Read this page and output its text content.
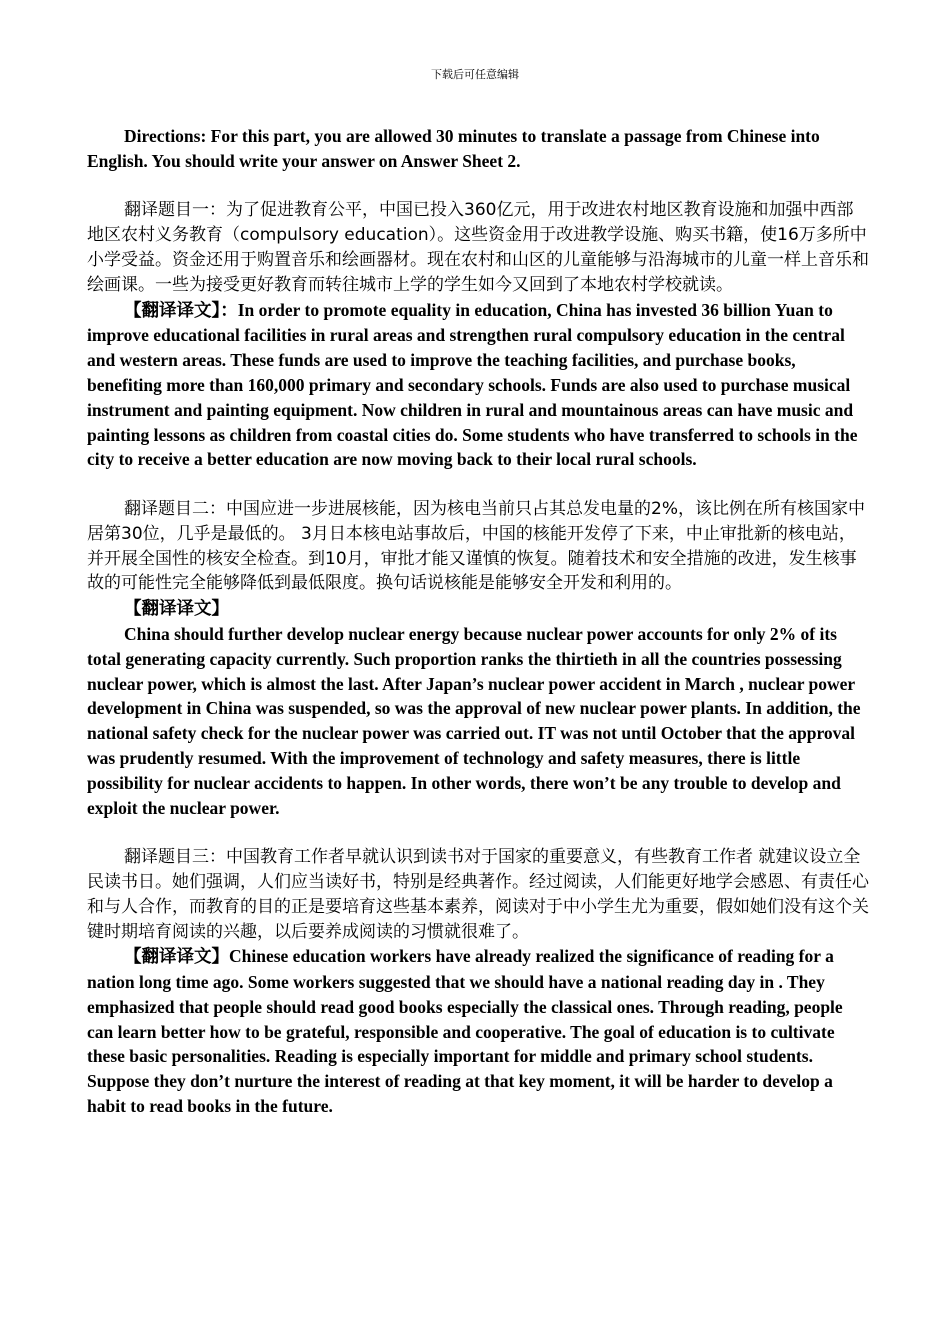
下载后可任意编辑

Directions: For this part, you are allowed 30 minutes to translate a passage from Chinese into English. You should write your answer on Answer Sheet 2.

翻译题目一：为了促进教育公平，中国已投入360亿元，用于改进农村地区教育设施和加强中西部地区农村义务教育（compulsory education）。这些资金用于改进教学设施、购买书籍，使16万多所中小学受益。资金还用于购置音乐和绘画器材。现在农村和山区的儿童能够与沿海城市的儿童一样上音乐和绘画课。一些为接受更好教育而转往城市上学的学生如今又回到了本地农村学校就读。

【翻译译文】：In order to promote equality in education, China has invested 36 billion Yuan to improve educational facilities in rural areas and strengthen rural compulsory education in the central and western areas. These funds are used to improve the teaching facilities, and purchase books, benefiting more than 160,000 primary and secondary schools. Funds are also used to purchase musical instrument and painting equipment. Now children in rural and mountainous areas can have music and painting lessons as children from coastal cities do. Some students who have transferred to schools in the city to receive a better education are now moving back to their local rural schools.

翻译题目二：中国应进一步进展核能，因为核电当前只占其总发电量的2%，该比例在所有核国家中居第30位，几乎是最低的。 3月日本核电站事故后，中国的核能开发停了下来，中止审批新的核电站，并开展全国性的核安全检查。到10月，审批才能又谨慎的恢复。随着技术和安全措施的改进，发生核事故的可能性完全能够降低到最低限度。换句话说核能是能够安全开发和利用的。

【翻译译文】

China should further develop nuclear energy because nuclear power accounts for only 2% of its total generating capacity currently. Such proportion ranks the thirtieth in all the countries possessing nuclear power, which is almost the last. After Japan’s nuclear power accident in March , nuclear power development in China was suspended, so was the approval of new nuclear power plants. In addition, the national safety check for the nuclear power was carried out. IT was not until October that the approval was prudently resumed. With the improvement of technology and safety measures, there is little possibility for nuclear accidents to happen. In other words, there won’t be any trouble to develop and exploit the nuclear power.

翻译题目三：中国教育工作者早就认识到读书对于国家的重要意义，有些教育工作者 就建议设立全民读书日。她们强调，人们应当读好书，特别是经典著作。经过阅读，人们能更好地学会感恩、有责任心和与人合作，而教育的目的正是要培育这些基本素养，阅读对于中小学生尤为重要，假如她们没有这个关键时期培育阅读的兴趣，以后要养成阅读的习惯就很难了。

【翻译译文】Chinese education workers have already realized the significance of reading for a nation long time ago. Some workers suggested that we should have a national reading day in . They emphasized that people should read good books especially the classical ones. Through reading, people can learn better how to be grateful, responsible and cooperative. The goal of education is to cultivate these basic personalities. Reading is especially important for middle and primary school students. Suppose they don’t nurture the interest of reading at that key moment, it will be harder to develop a habit to read books in the future.
